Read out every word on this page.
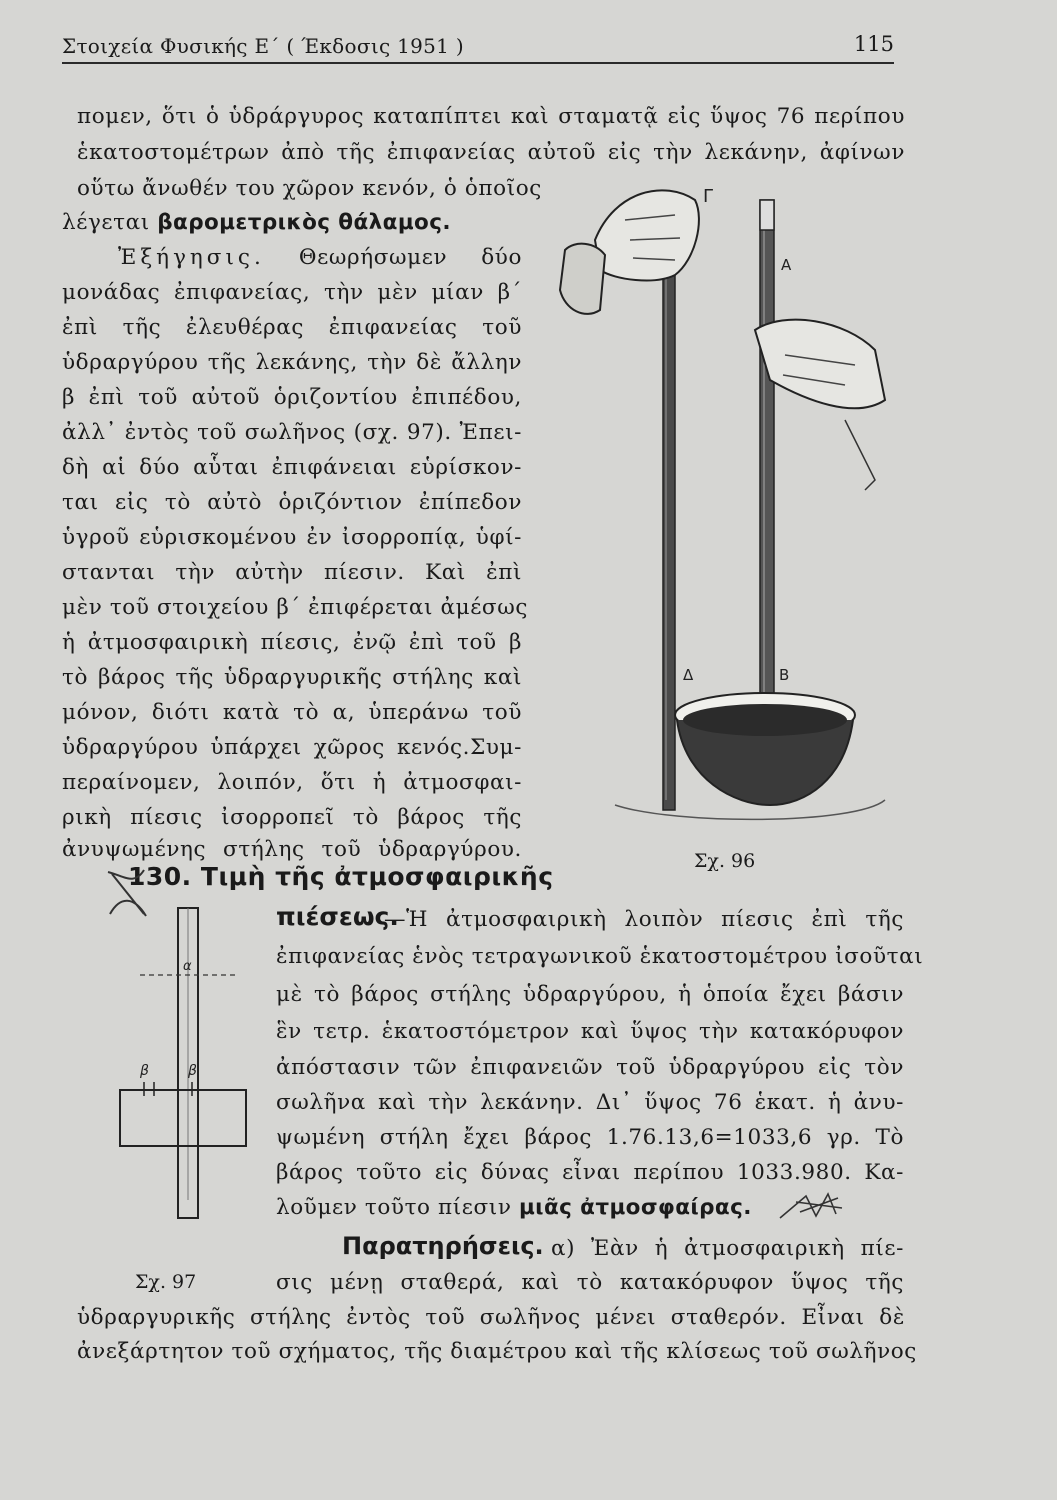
Στοιχεία Φυσικής Ε΄ ( Έκδοσις 1951 )	115
πομεν, ὅτι ὁ ὑδράργυρος καταπίπτει καὶ σταματᾷ εἰς ὕψος 76 περίπου
ἑκατοστομέτρων ἀπὸ τῆς ἐπιφανείας αὐτοῦ εἰς τὴν λεκάνην, ἀφίνων
οὕτω ἄνωθέν του χῶρον κενόν, ὁ ὁποῖος
λέγεται βαρομετρικὸς θάλαμος.
Ἐξήγησις. Θεωρήσωμεν δύο
μονάδας ἐπιφανείας, τὴν μὲν μίαν β΄
ἐπὶ τῆς ἐλευθέρας ἐπιφανείας τοῦ
ὑδραργύρου τῆς λεκάνης, τὴν δὲ ἄλλην
β ἐπὶ τοῦ αὐτοῦ ὁριζοντίου ἐπιπέδου,
ἀλλ᾿ ἐντὸς τοῦ σωλῆνος (σχ. 97). Ἐπει-
δὴ αἱ δύο αὗται ἐπιφάνειαι εὑρίσκον-
ται εἰς τὸ αὐτὸ ὁριζόντιον ἐπίπεδον
ὑγροῦ εὑρισκομένου ἐν ἰσορροπίᾳ, ὑφί-
στανται τὴν αὐτὴν πίεσιν. Καὶ ἐπὶ
μὲν τοῦ στοιχείου β΄ ἐπιφέρεται ἀμέσως
ἡ ἀτμοσφαιρικὴ πίεσις, ἐνῷ ἐπὶ τοῦ β
τὸ βάρος τῆς ὑδραργυρικῆς στήλης καὶ
μόνον, διότι κατὰ τὸ α, ὑπεράνω τοῦ
ὑδραργύρου ὑπάρχει χῶρος κενός.Συμ-
περαίνομεν, λοιπόν, ὅτι ἡ ἀτμοσφαι-
ρικὴ πίεσις ἰσορροπεῖ τὸ βάρος τῆς
ἀνυψωμένης στήλης τοῦ ὑδραργύρου.
130. Τιμὴ τῆς ἀτμοσφαιρικῆς
πιέσεως.
—Ἡ ἀτμοσφαιρικὴ λοιπὸν πίεσις ἐπὶ τῆς
ἐπιφανείας ἑνὸς τετραγωνικοῦ ἑκατοστομέτρου ἰσοῦται
μὲ τὸ βάρος στήλης ὑδραργύρου, ἡ ὁποία ἔχει βάσιν
ἓν τετρ. ἑκατοστόμετρον καὶ ὕψος τὴν κατακόρυφον
ἀπόστασιν τῶν ἐπιφανειῶν τοῦ ὑδραργύρου εἰς τὸν
σωλῆνα καὶ τὴν λεκάνην. Δι᾿ ὕψος 76 ἑκατ. ἡ ἀνυ-
ψωμένη στήλη ἔχει βάρος 1.76.13,6=1033,6 γρ. Τὸ
βάρος τοῦτο εἰς δύνας εἶναι περίπου 1033.980. Κα-
λοῦμεν τοῦτο πίεσιν μιᾶς ἀτμοσφαίρας.
Παρατηρήσεις. α) Ἐὰν ἡ ἀτμοσφαιρικὴ πίε-
σις μένῃ σταθερά, καὶ τὸ κατακόρυφον ὕψος τῆς
ὑδραργυρικῆς στήλης ἐντὸς τοῦ σωλῆνος μένει σταθερόν. Εἶναι δὲ
ἀνεξάρτητον τοῦ σχήματος, τῆς διαμέτρου καὶ τῆς κλίσεως τοῦ σωλῆνος
Γ
Α
Δ	Β
Σχ. 96
α
β	β
Σχ. 97
